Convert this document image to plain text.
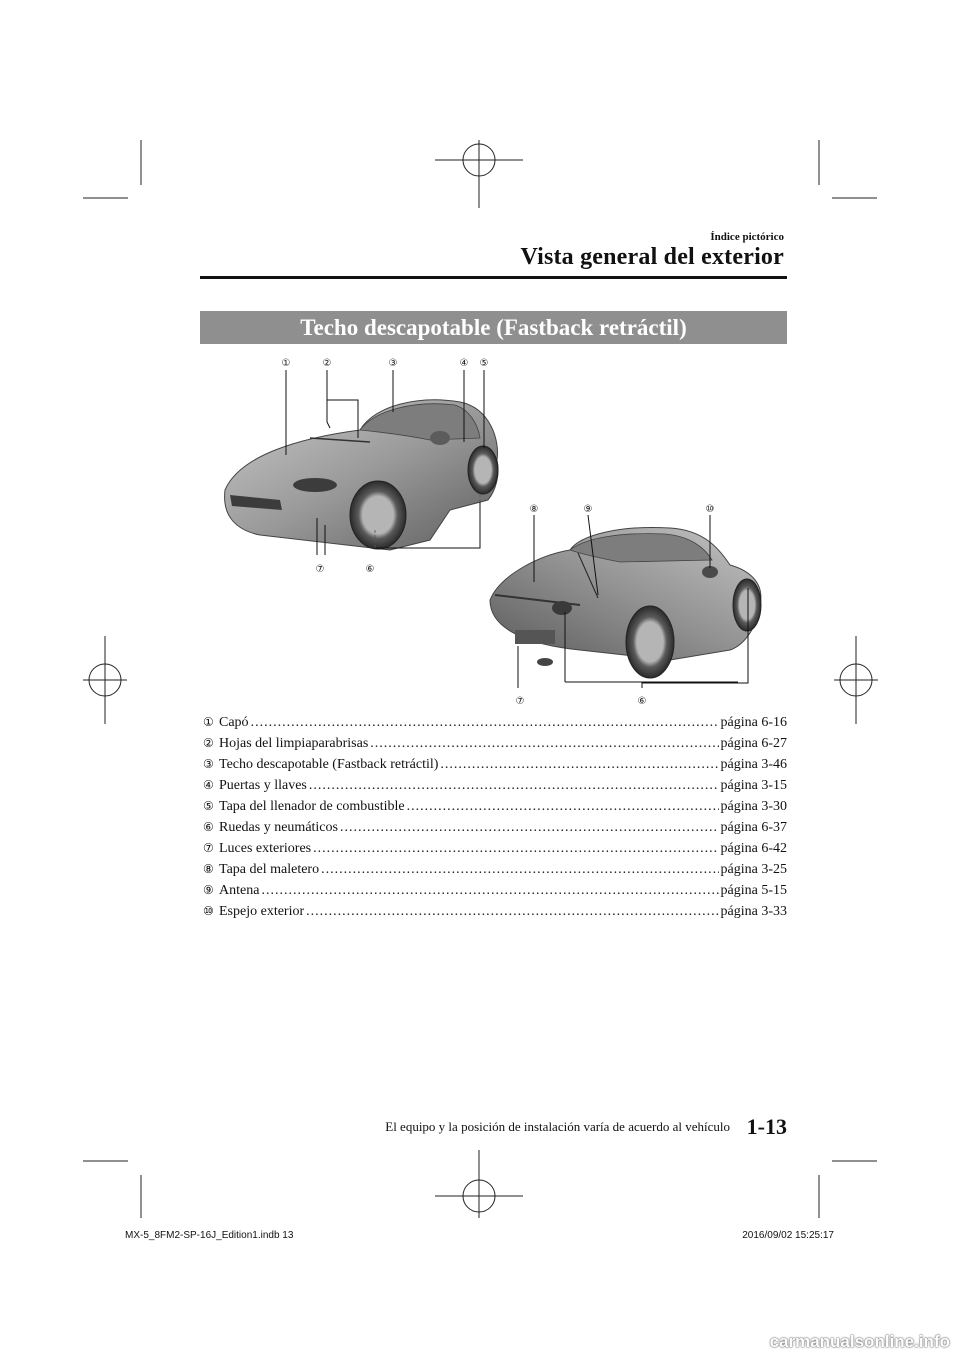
Índice pictórico
Vista general del exterior
Techo descapotable (Fastback retráctil)
①	②	③	④ ⑤
⑥
⑦
⑧	⑨	⑩
⑥
⑦
① Capó .....	página 6-16
② Hojas del limpiaparabrisas .....	página 6-27
③ Techo descapotable (Fastback retráctil) .....	página 3-46
④ Puertas y llaves .....	página 3-15
⑤ Tapa del llenador de combustible .....	página 3-30
⑥ Ruedas y neumáticos .....	página 6-37
⑦ Luces exteriores .....	página 6-42
⑧ Tapa del maletero .....	página 3-25
⑨ Antena .....	página 5-15
⑩ Espejo exterior .....	página 3-33
El equipo y la posición de instalación varía de acuerdo al vehículo 1-13
MX-5_8FM2-SP-16J_Edition1.indb 13	2016/09/02 15:25:17
carmanualsonline.info
